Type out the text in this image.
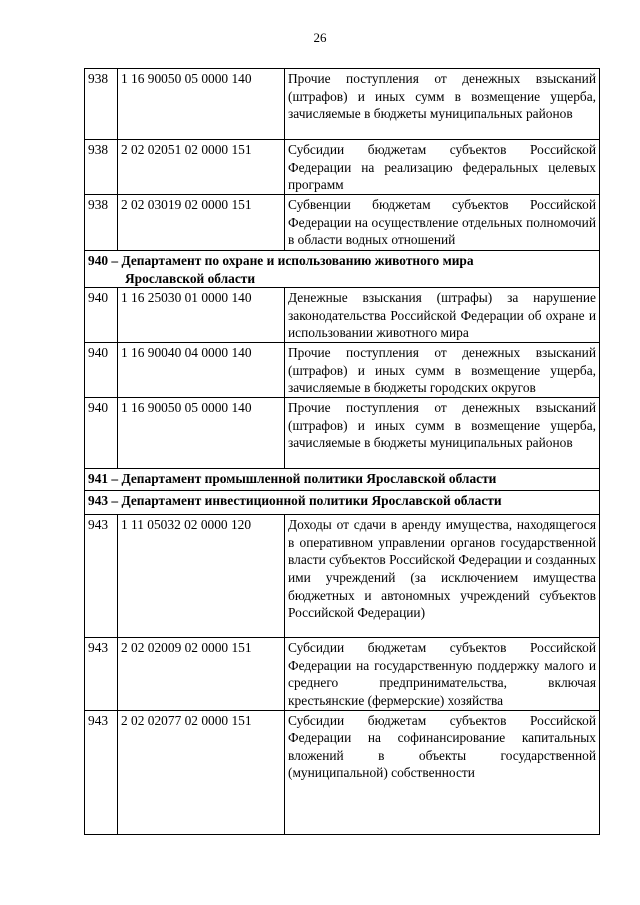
26
938	1 16 90050 05 0000 140	Прочие поступления от денежных взысканий (штрафов) и иных сумм в возмещение ущерба, зачисляемые в бюджеты муниципальных районов
938	2 02 02051 02 0000 151	Субсидии бюджетам субъектов Российской Федерации на реализацию федеральных целевых программ
938	2 02 03019 02 0000 151	Субвенции бюджетам субъектов Российской Федерации на осуществление отдельных полномочий в области водных отношений
940 – Департамент по охране и использованию животного мира
Ярославской области		

940	1 16 25030 01 0000 140	Денежные взыскания (штрафы) за нарушение законодательства Российской Федерации об охране и использовании животного мира
940	1 16 90040 04 0000 140	Прочие поступления от денежных взысканий (штрафов) и иных сумм в возмещение ущерба, зачисляемые в бюджеты городских округов
940	1 16 90050 05 0000 140	Прочие поступления от денежных взысканий (штрафов) и иных сумм в возмещение ущерба, зачисляемые в бюджеты муниципальных районов
941 – Департамент промышленной политики Ярославской области		
943 – Департамент инвестиционной политики Ярославской области		
943	1 11 05032 02 0000 120	Доходы от сдачи в аренду имущества, находящегося в оперативном управлении органов государственной власти субъектов Российской Федерации и созданных ими учреждений (за исключением имущества бюджетных и автономных учреждений субъектов Российской Федерации)
943	2 02 02009 02 0000 151	Субсидии бюджетам субъектов Российской Федерации на государственную поддержку малого и среднего предпринимательства, включая крестьянские (фермерские) хозяйства
943	2 02 02077 02 0000 151	Субсидии бюджетам субъектов Российской Федерации на софинансирование капитальных вложений в объекты государственной (муниципальной) собственности
